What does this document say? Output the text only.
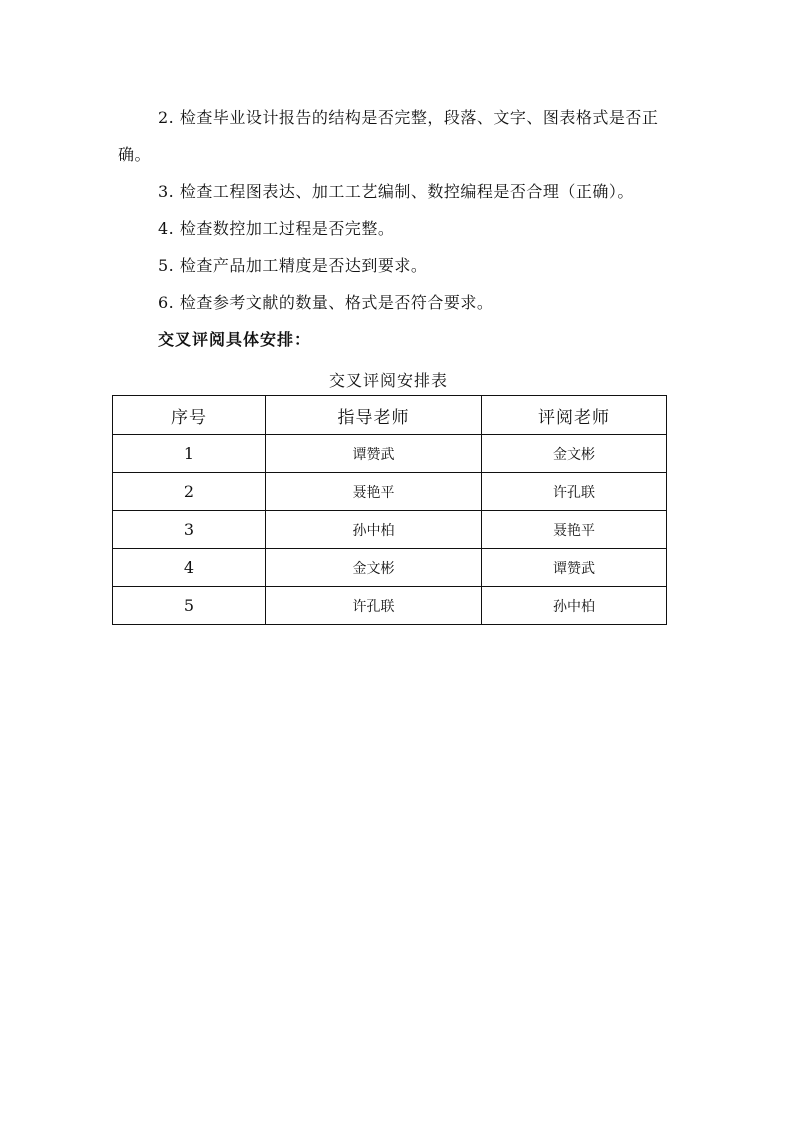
2. 检查毕业设计报告的结构是否完整，段落、文字、图表格式是否正确。

3. 检查工程图表达、加工工艺编制、数控编程是否合理（正确）。

4. 检查数控加工过程是否完整。

5. 检查产品加工精度是否达到要求。

6. 检查参考文献的数量、格式是否符合要求。

交叉评阅具体安排：

交叉评阅安排表
序号	指导老师	评阅老师
1	谭赞武	金文彬
2	聂艳平	许孔联
3	孙中柏	聂艳平
4	金文彬	谭赞武
5	许孔联	孙中柏
